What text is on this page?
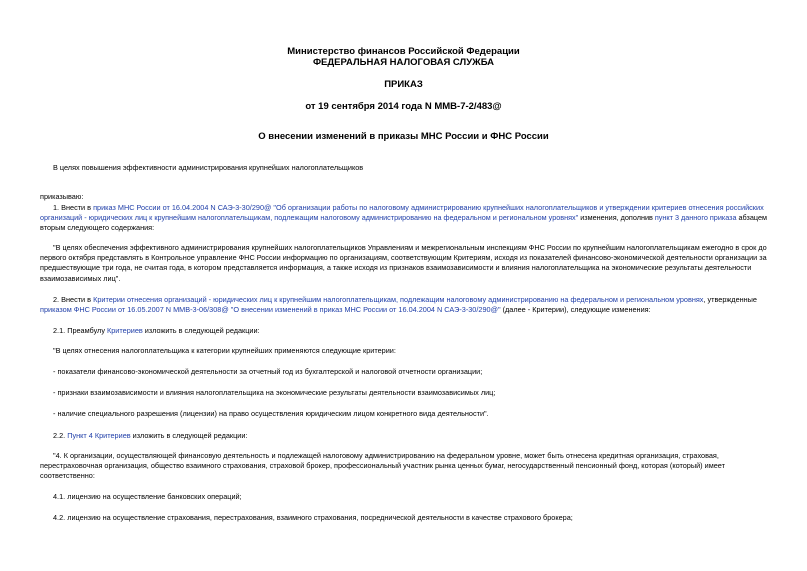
Министерство финансов Российской Федерации
ФЕДЕРАЛЬНАЯ НАЛОГОВАЯ СЛУЖБА
ПРИКАЗ
от 19 сентября 2014 года N ММВ-7-2/483@
О внесении изменений в приказы МНС России и ФНС России
В целях повышения эффективности администрирования крупнейших налогоплательщиков
приказываю:
1. Внести в приказ МНС России от 16.04.2004 N САЭ-3-30/290@ "Об организации работы по налоговому администрированию крупнейших налогоплательщиков и утверждении критериев отнесения российских
организаций - юридических лиц к крупнейшим налогоплательщикам, подлежащим налоговому администрированию на федеральном и региональном уровнях" изменения, дополнив пункт 3 данного приказа абзацем
вторым следующего содержания:
"В целях обеспечения эффективного администрирования крупнейших налогоплательщиков Управлениям и межрегиональным инспекциям ФНС России по крупнейшим налогоплательщикам ежегодно в срок до
первого октября представлять в Контрольное управление ФНС России информацию по организациям, соответствующим Критериям, исходя из показателей финансово-экономической деятельности организации за
предшествующие три года, не считая года, в котором представляется информация, а также исходя из признаков взаимозависимости и влияния налогоплательщика на экономические результаты деятельности
взаимозависимых лиц".
2. Внести в Критерии отнесения организаций - юридических лиц к крупнейшим налогоплательщикам, подлежащим налоговому администрированию на федеральном и региональном уровнях, утвержденные
приказом ФНС России от 16.05.2007 N ММВ-3-06/308@ "О внесении изменений в приказ МНС России от 16.04.2004 N САЭ-3-30/290@" (далее - Критерии), следующие изменения:
2.1. Преамбулу Критериев изложить в следующей редакции:
"В целях отнесения налогоплательщика к категории крупнейших применяются следующие критерии:
- показатели финансово-экономической деятельности за отчетный год из бухгалтерской и налоговой отчетности организации;
- признаки взаимозависимости и влияния налогоплательщика на экономические результаты деятельности взаимозависимых лиц;
- наличие специального разрешения (лицензии) на право осуществления юридическим лицом конкретного вида деятельности".
2.2. Пункт 4 Критериев изложить в следующей редакции:
"4. К организации, осуществляющей финансовую деятельность и подлежащей налоговому администрированию на федеральном уровне, может быть отнесена кредитная организация, страховая,
перестраховочная организация, общество взаимного страхования, страховой брокер, профессиональный участник рынка ценных бумаг, негосударственный пенсионный фонд, которая (который) имеет
соответственно:
4.1. лицензию на осуществление банковских операций;
4.2. лицензию на осуществление страхования, перестрахования, взаимного страхования, посреднической деятельности в качестве страхового брокера;
